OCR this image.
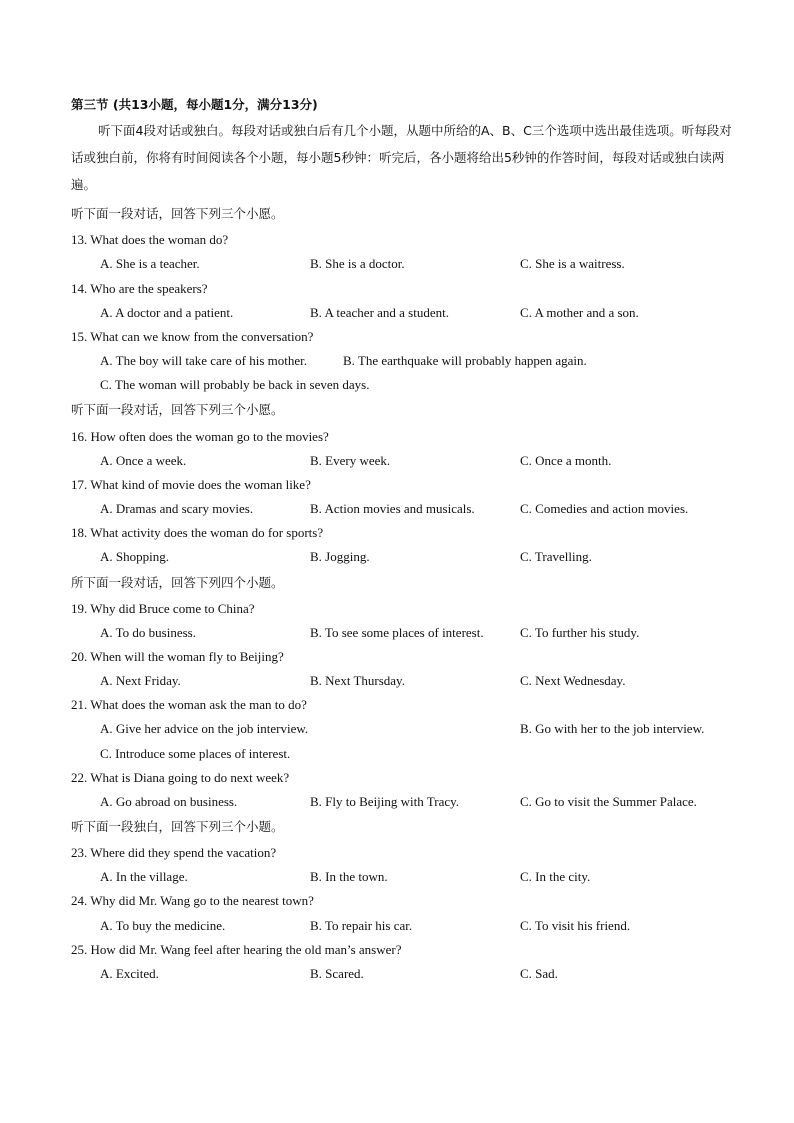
第三节 (共13小题，每小题1分，满分13分)
听下面4段对话或独白。每段对话或独白后有几个小题，从题中所给的A、B、C三个选项中选出最佳选项。听每段对话或独白前，你将有时间阅读各个小题，每小题5秒钟：听完后，各小题将给出5秒钟的作答时间，每段对话或独白读两遍。
听下面一段对话，回答下列三个小愿。
13. What does the woman do?
A. She is a teacher.	B. She is a doctor.	C. She is a waitress.
14. Who are the speakers?
A. A doctor and a patient.	B. A teacher and a student.	C. A mother and a son.
15. What can we know from the conversation?
A. The boy will take care of his mother.	B. The earthquake will probably happen again.
C. The woman will probably be back in seven days.
听下面一段对话，回答下列三个小愿。
16. How often does the woman go to the movies?
A. Once a week.	B. Every week.	C. Once a month.
17. What kind of movie does the woman like?
A. Dramas and scary movies.	B. Action movies and musicals.	C. Comedies and action movies.
18. What activity does the woman do for sports?
A. Shopping.	B. Jogging.	C. Travelling.
所下面一段对话，回答下列四个小题。
19. Why did Bruce come to China?
A. To do business.	B. To see some places of interest.	C. To further his study.
20. When will the woman fly to Beijing?
A. Next Friday.	B. Next Thursday.	C. Next Wednesday.
21. What does the woman ask the man to do?
A. Give her advice on the job interview.	B. Go with her to the job interview.
C. Introduce some places of interest.
22. What is Diana going to do next week?
A. Go abroad on business.	B. Fly to Beijing with Tracy.	C. Go to visit the Summer Palace.
听下面一段独白，回答下列三个小题。
23. Where did they spend the vacation?
A. In the village.	B. In the town.	C. In the city.
24. Why did Mr. Wang go to the nearest town?
A. To buy the medicine.	B. To repair his car.	C. To visit his friend.
25. How did Mr. Wang feel after hearing the old man’s answer?
A. Excited.	B. Scared.	C. Sad.
